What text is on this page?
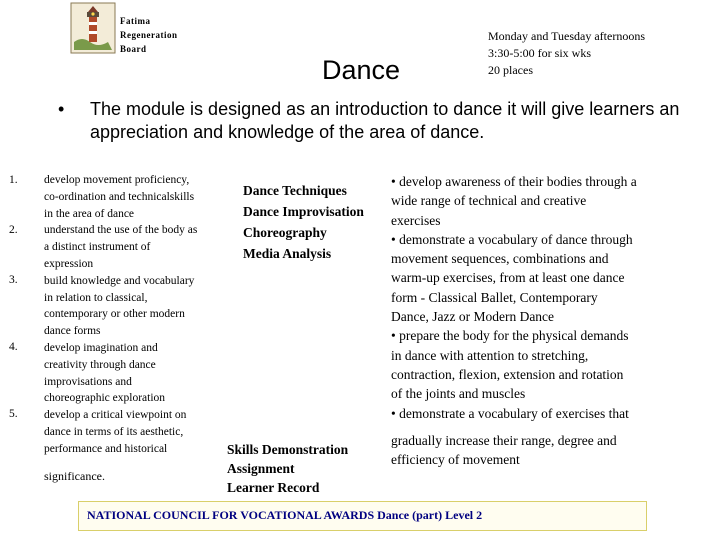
Fatima
Regeneration
Board
Dance
Monday and Tuesday afternoons
3:30-5:00 for six wks
20 places
• The module is designed as an introduction to dance it will give learners an appreciation and knowledge of the area of dance.
1.
2.
3.
4.
5.
develop movement proficiency,
co-ordination and technicalskills
in the area of dance
understand the use of the body as
a distinct instrument of
expression
build knowledge and vocabulary
in relation to classical,
contemporary or other modern
dance forms
develop imagination and
creativity through dance
improvisations and
choreographic exploration
develop a critical viewpoint on
dance in terms of its aesthetic,
performance and historical
significance.
Dance Techniques
Dance Improvisation
Choreography
Media Analysis
Skills Demonstration
Assignment
Learner Record
• develop awareness of their bodies through a
wide range of technical and creative
exercises
• demonstrate a vocabulary of dance through
movement sequences, combinations and
warm-up exercises, from at least one dance
form - Classical Ballet, Contemporary
Dance, Jazz or Modern Dance
• prepare the body for the physical demands
in dance with attention to stretching,
contraction, flexion, extension and rotation
of the joints and muscles
• demonstrate a vocabulary of exercises that
gradually increase their range, degree and
efficiency of movement
NATIONAL COUNCIL FOR VOCATIONAL AWARDS Dance (part) Level 2
